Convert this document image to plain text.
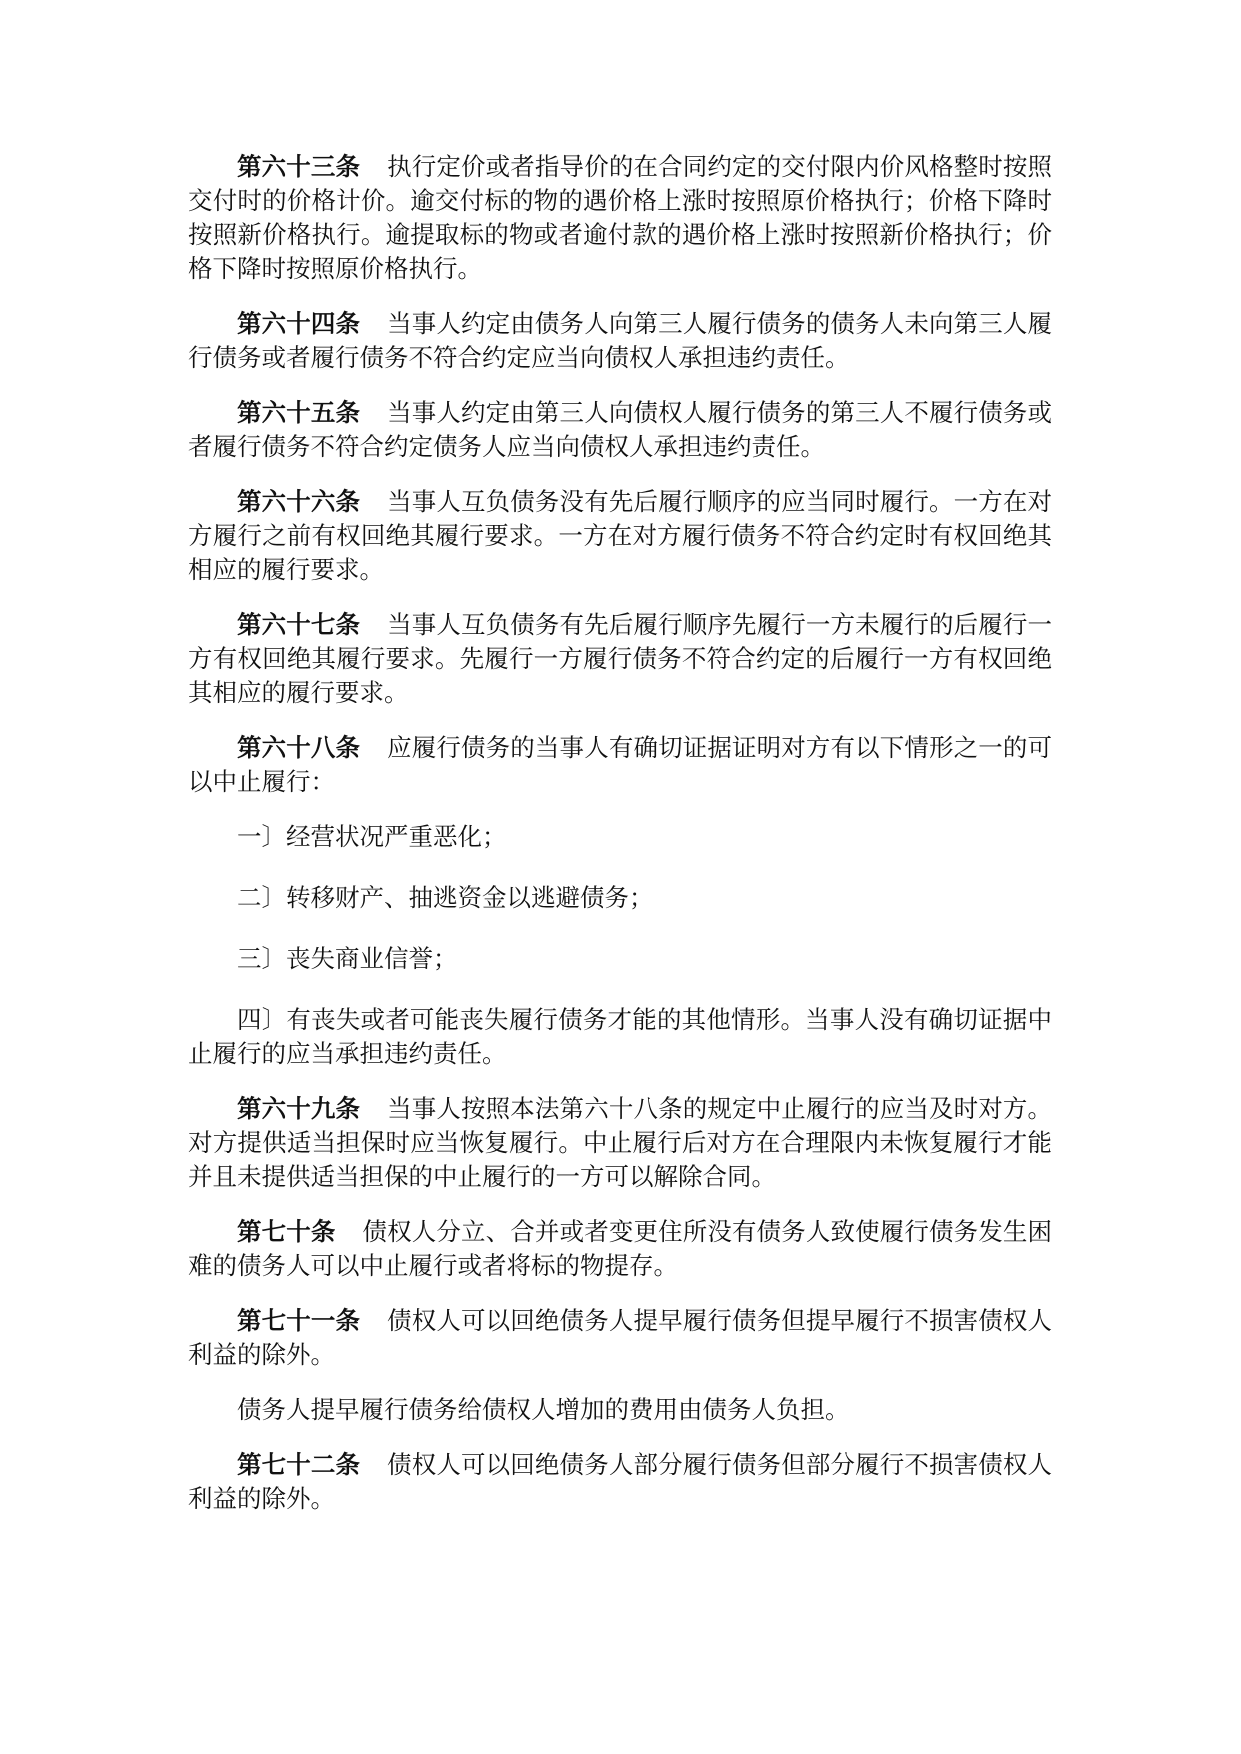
第六十三条 执行定价或者指导价的在合同约定的交付限内价风格整时按照交付时的价格计价。逾交付标的物的遇价格上涨时按照原价格执行；价格下降时按照新价格执行。逾提取标的物或者逾付款的遇价格上涨时按照新价格执行；价格下降时按照原价格执行。

第六十四条 当事人约定由债务人向第三人履行债务的债务人未向第三人履行债务或者履行债务不符合约定应当向债权人承担违约责任。

第六十五条 当事人约定由第三人向债权人履行债务的第三人不履行债务或者履行债务不符合约定债务人应当向债权人承担违约责任。

第六十六条 当事人互负债务没有先后履行顺序的应当同时履行。一方在对方履行之前有权回绝其履行要求。一方在对方履行债务不符合约定时有权回绝其相应的履行要求。

第六十七条 当事人互负债务有先后履行顺序先履行一方未履行的后履行一方有权回绝其履行要求。先履行一方履行债务不符合约定的后履行一方有权回绝其相应的履行要求。

第六十八条 应履行债务的当事人有确切证据证明对方有以下情形之一的可以中止履行：

一〕经营状况严重恶化；

二〕转移财产、抽逃资金以逃避债务；

三〕丧失商业信誉；

四〕有丧失或者可能丧失履行债务才能的其他情形。当事人没有确切证据中止履行的应当承担违约责任。

第六十九条 当事人按照本法第六十八条的规定中止履行的应当及时对方。对方提供适当担保时应当恢复履行。中止履行后对方在合理限内未恢复履行才能并且未提供适当担保的中止履行的一方可以解除合同。

第七十条 债权人分立、合并或者变更住所没有债务人致使履行债务发生困难的债务人可以中止履行或者将标的物提存。

第七十一条 债权人可以回绝债务人提早履行债务但提早履行不损害债权人利益的除外。

债务人提早履行债务给债权人增加的费用由债务人负担。

第七十二条 债权人可以回绝债务人部分履行债务但部分履行不损害债权人利益的除外。
